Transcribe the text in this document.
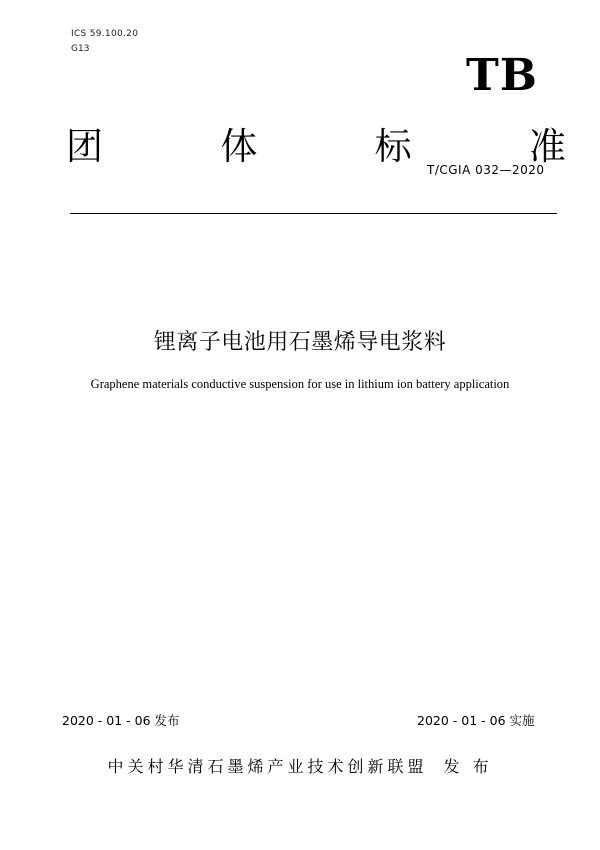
ICS 59.100.20
G13
TB
团	体	标	准
T/CGIA 032—2020
锂离子电池用石墨烯导电浆料
Graphene materials conductive suspension for use in lithium ion battery application
2020 - 01 - 06 发布	2020 - 01 - 06 实施
中关村华清石墨烯产业技术创新联盟 发 布
